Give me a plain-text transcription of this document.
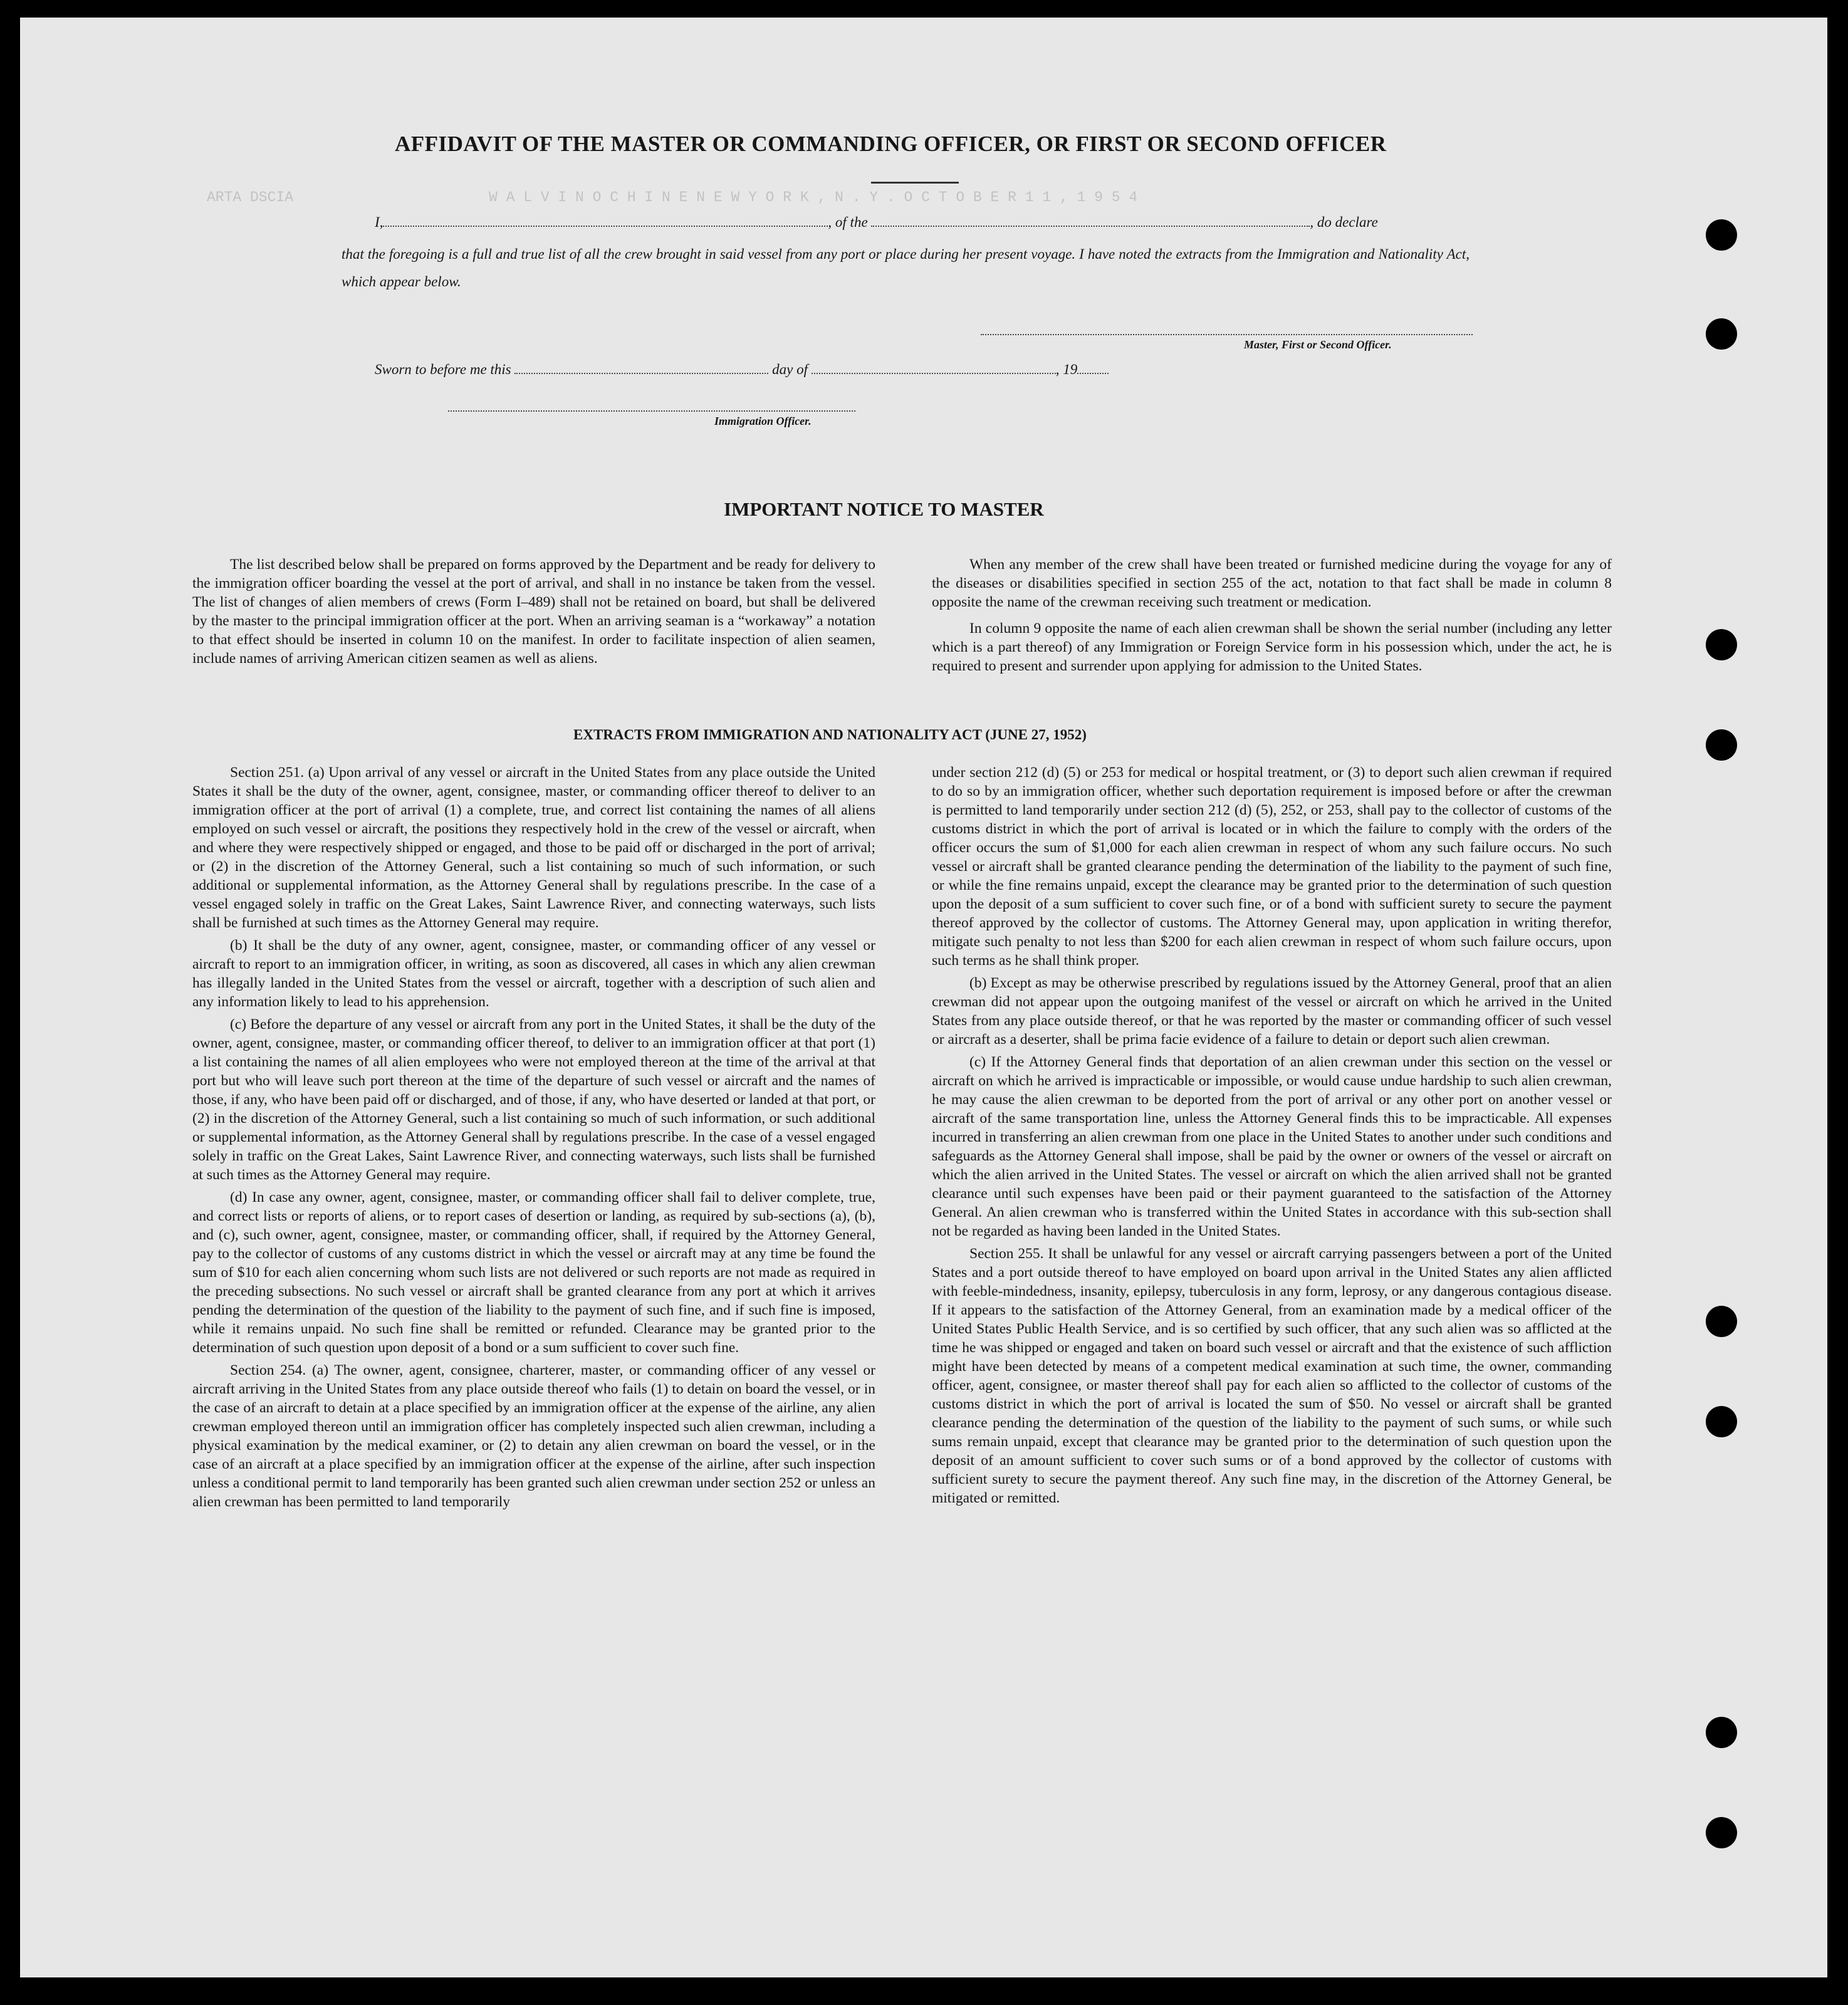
ARTA DSCIA	W A L V I N O C H I N E N E W Y O R K , N . Y . O C T O B E R 1 1 , 1 9 5 4
AFFIDAVIT OF THE MASTER OR COMMANDING OFFICER, OR FIRST OR SECOND OFFICER
I,	, of the	, do declare
that the foregoing is a full and true list of all the crew brought in said vessel from any port or place during her present voyage. I have noted the extracts from the Immigration and Nationality Act, which appear below.
Master, First or Second Officer.
Sworn to before me this	day of	, 19
Immigration Officer.
IMPORTANT NOTICE TO MASTER

The list described below shall be prepared on forms approved by the Department and be ready for delivery to the immigration officer boarding the vessel at the port of arrival, and shall in no instance be taken from the vessel. The list of changes of alien members of crews (Form I–489) shall not be retained on board, but shall be delivered by the master to the principal immigration officer at the port. When an arriving seaman is a “workaway” a notation to that effect should be inserted in column 10 on the manifest. In order to facilitate inspection of alien seamen, include names of arriving American citizen seamen as well as aliens.

When any member of the crew shall have been treated or furnished medicine during the voyage for any of the diseases or disabilities specified in section 255 of the act, notation to that fact shall be made in column 8 opposite the name of the crewman receiving such treatment or medication.

In column 9 opposite the name of each alien crewman shall be shown the serial number (including any letter which is a part thereof) of any Immigration or Foreign Service form in his possession which, under the act, he is required to present and surrender upon applying for admission to the United States.

EXTRACTS FROM IMMIGRATION AND NATIONALITY ACT (JUNE 27, 1952)

Section 251. (a) Upon arrival of any vessel or aircraft in the United States from any place outside the United States it shall be the duty of the owner, agent, consignee, master, or commanding officer thereof to deliver to an immigration officer at the port of arrival (1) a complete, true, and correct list containing the names of all aliens employed on such vessel or aircraft, the positions they respectively hold in the crew of the vessel or aircraft, when and where they were respectively shipped or engaged, and those to be paid off or discharged in the port of arrival; or (2) in the discretion of the Attorney General, such a list containing so much of such information, or such additional or supplemental information, as the Attorney General shall by regulations prescribe. In the case of a vessel engaged solely in traffic on the Great Lakes, Saint Lawrence River, and connecting waterways, such lists shall be furnished at such times as the Attorney General may require.

(b) It shall be the duty of any owner, agent, consignee, master, or commanding officer of any vessel or aircraft to report to an immigration officer, in writing, as soon as discovered, all cases in which any alien crewman has illegally landed in the United States from the vessel or aircraft, together with a description of such alien and any information likely to lead to his apprehension.

(c) Before the departure of any vessel or aircraft from any port in the United States, it shall be the duty of the owner, agent, consignee, master, or commanding officer thereof, to deliver to an immigration officer at that port (1) a list containing the names of all alien employees who were not employed thereon at the time of the arrival at that port but who will leave such port thereon at the time of the departure of such vessel or aircraft and the names of those, if any, who have been paid off or discharged, and of those, if any, who have deserted or landed at that port, or (2) in the discretion of the Attorney General, such a list containing so much of such information, or such additional or supplemental information, as the Attorney General shall by regulations prescribe. In the case of a vessel engaged solely in traffic on the Great Lakes, Saint Lawrence River, and connecting waterways, such lists shall be furnished at such times as the Attorney General may require.

(d) In case any owner, agent, consignee, master, or commanding officer shall fail to deliver complete, true, and correct lists or reports of aliens, or to report cases of desertion or landing, as required by sub-sections (a), (b), and (c), such owner, agent, consignee, master, or commanding officer, shall, if required by the Attorney General, pay to the collector of customs of any customs district in which the vessel or aircraft may at any time be found the sum of $10 for each alien concerning whom such lists are not delivered or such reports are not made as required in the preceding subsections. No such vessel or aircraft shall be granted clearance from any port at which it arrives pending the determination of the question of the liability to the payment of such fine, and if such fine is imposed, while it remains unpaid. No such fine shall be remitted or refunded. Clearance may be granted prior to the determination of such question upon deposit of a bond or a sum sufficient to cover such fine.

Section 254. (a) The owner, agent, consignee, charterer, master, or commanding officer of any vessel or aircraft arriving in the United States from any place outside thereof who fails (1) to detain on board the vessel, or in the case of an aircraft to detain at a place specified by an immigration officer at the expense of the airline, any alien crewman employed thereon until an immigration officer has completely inspected such alien crewman, including a physical examination by the medical examiner, or (2) to detain any alien crewman on board the vessel, or in the case of an aircraft at a place specified by an immigration officer at the expense of the airline, after such inspection unless a conditional permit to land temporarily has been granted such alien crewman under section 252 or unless an alien crewman has been permitted to land temporarily

under section 212 (d) (5) or 253 for medical or hospital treatment, or (3) to deport such alien crewman if required to do so by an immigration officer, whether such deportation requirement is imposed before or after the crewman is permitted to land temporarily under section 212 (d) (5), 252, or 253, shall pay to the collector of customs of the customs district in which the port of arrival is located or in which the failure to comply with the orders of the officer occurs the sum of $1,000 for each alien crewman in respect of whom any such failure occurs. No such vessel or aircraft shall be granted clearance pending the determination of the liability to the payment of such fine, or while the fine remains unpaid, except the clearance may be granted prior to the determination of such question upon the deposit of a sum sufficient to cover such fine, or of a bond with sufficient surety to secure the payment thereof approved by the collector of customs. The Attorney General may, upon application in writing therefor, mitigate such penalty to not less than $200 for each alien crewman in respect of whom such failure occurs, upon such terms as he shall think proper.

(b) Except as may be otherwise prescribed by regulations issued by the Attorney General, proof that an alien crewman did not appear upon the outgoing manifest of the vessel or aircraft on which he arrived in the United States from any place outside thereof, or that he was reported by the master or commanding officer of such vessel or aircraft as a deserter, shall be prima facie evidence of a failure to detain or deport such alien crewman.

(c) If the Attorney General finds that deportation of an alien crewman under this section on the vessel or aircraft on which he arrived is impracticable or impossible, or would cause undue hardship to such alien crewman, he may cause the alien crewman to be deported from the port of arrival or any other port on another vessel or aircraft of the same transportation line, unless the Attorney General finds this to be impracticable. All expenses incurred in transferring an alien crewman from one place in the United States to another under such conditions and safeguards as the Attorney General shall impose, shall be paid by the owner or owners of the vessel or aircraft on which the alien arrived in the United States. The vessel or aircraft on which the alien arrived shall not be granted clearance until such expenses have been paid or their payment guaranteed to the satisfaction of the Attorney General. An alien crewman who is transferred within the United States in accordance with this sub-section shall not be regarded as having been landed in the United States.

Section 255. It shall be unlawful for any vessel or aircraft carrying passengers between a port of the United States and a port outside thereof to have employed on board upon arrival in the United States any alien afflicted with feeble-mindedness, insanity, epilepsy, tuberculosis in any form, leprosy, or any dangerous contagious disease. If it appears to the satisfaction of the Attorney General, from an examination made by a medical officer of the United States Public Health Service, and is so certified by such officer, that any such alien was so afflicted at the time he was shipped or engaged and taken on board such vessel or aircraft and that the existence of such affliction might have been detected by means of a competent medical examination at such time, the owner, commanding officer, agent, consignee, or master thereof shall pay for each alien so afflicted to the collector of customs of the customs district in which the port of arrival is located the sum of $50. No vessel or aircraft shall be granted clearance pending the determination of the question of the liability to the payment of such sums, or while such sums remain unpaid, except that clearance may be granted prior to the determination of such question upon the deposit of an amount sufficient to cover such sums or of a bond approved by the collector of customs with sufficient surety to secure the payment thereof. Any such fine may, in the discretion of the Attorney General, be mitigated or remitted.
